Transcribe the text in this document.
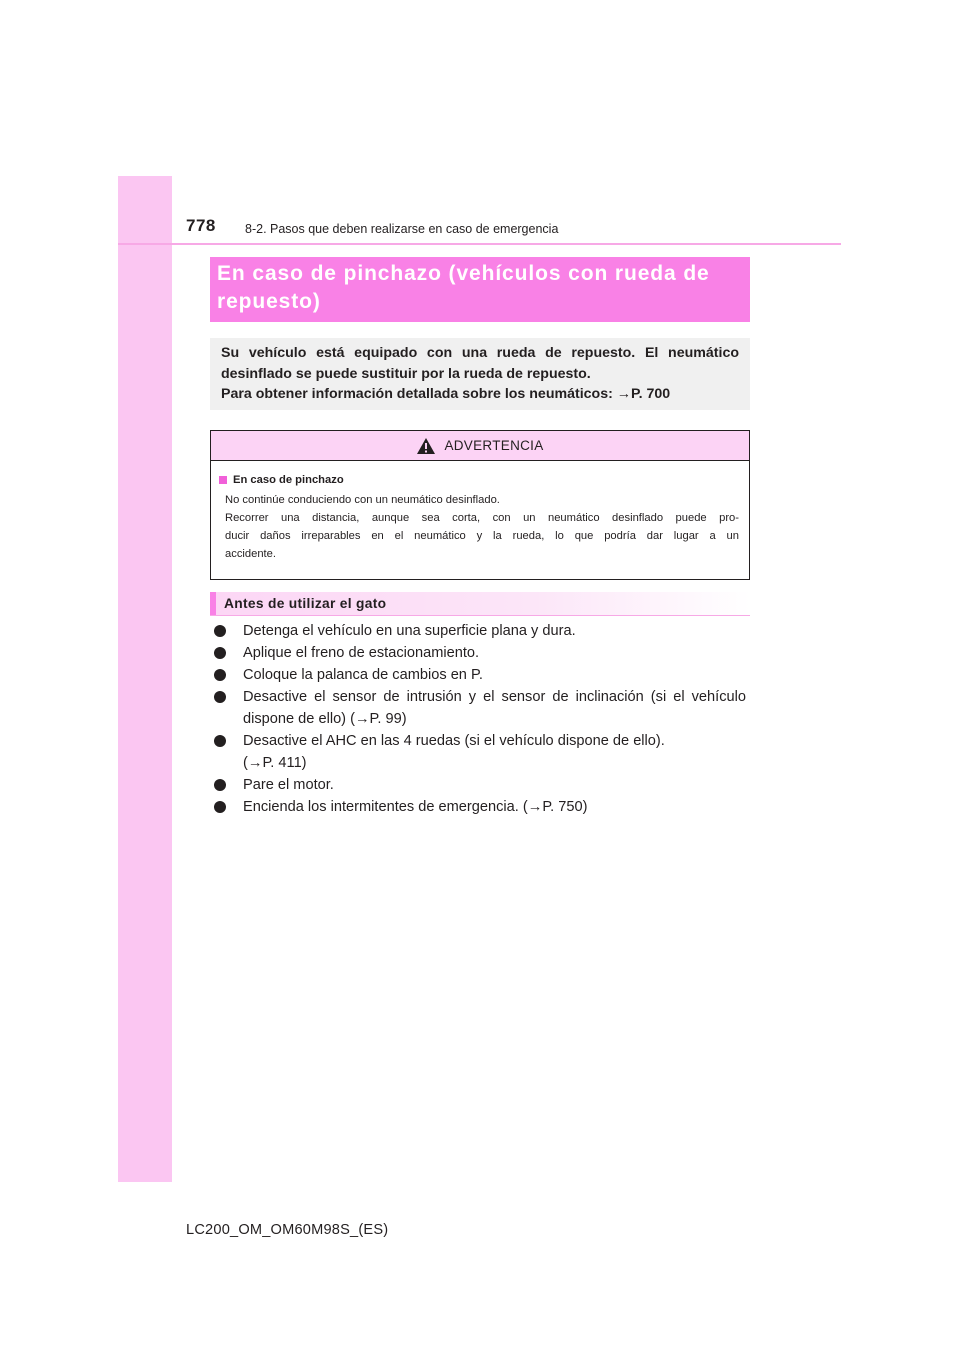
778 8-2. Pasos que deben realizarse en caso de emergencia
En caso de pinchazo (vehículos con rueda de
repuesto)
Su vehículo está equipado con una rueda de repuesto. El neumático
desinflado se puede sustituir por la rueda de repuesto.
Para obtener información detallada sobre los neumáticos: →P. 700
ADVERTENCIA
En caso de pinchazo
No continúe conduciendo con un neumático desinflado.
Recorrer una distancia, aunque sea corta, con un neumático desinflado puede pro-
ducir daños irreparables en el neumático y la rueda, lo que podría dar lugar a un
accidente.
Antes de utilizar el gato
Detenga el vehículo en una superficie plana y dura.
Aplique el freno de estacionamiento.
Coloque la palanca de cambios en P.
Desactive el sensor de intrusión y el sensor de inclinación (si el vehículo
dispone de ello) (→P. 99)
Desactive el AHC en las 4 ruedas (si el vehículo dispone de ello).
(→P. 411)
Pare el motor.
Encienda los intermitentes de emergencia. (→P. 750)
LC200_OM_OM60M98S_(ES)
